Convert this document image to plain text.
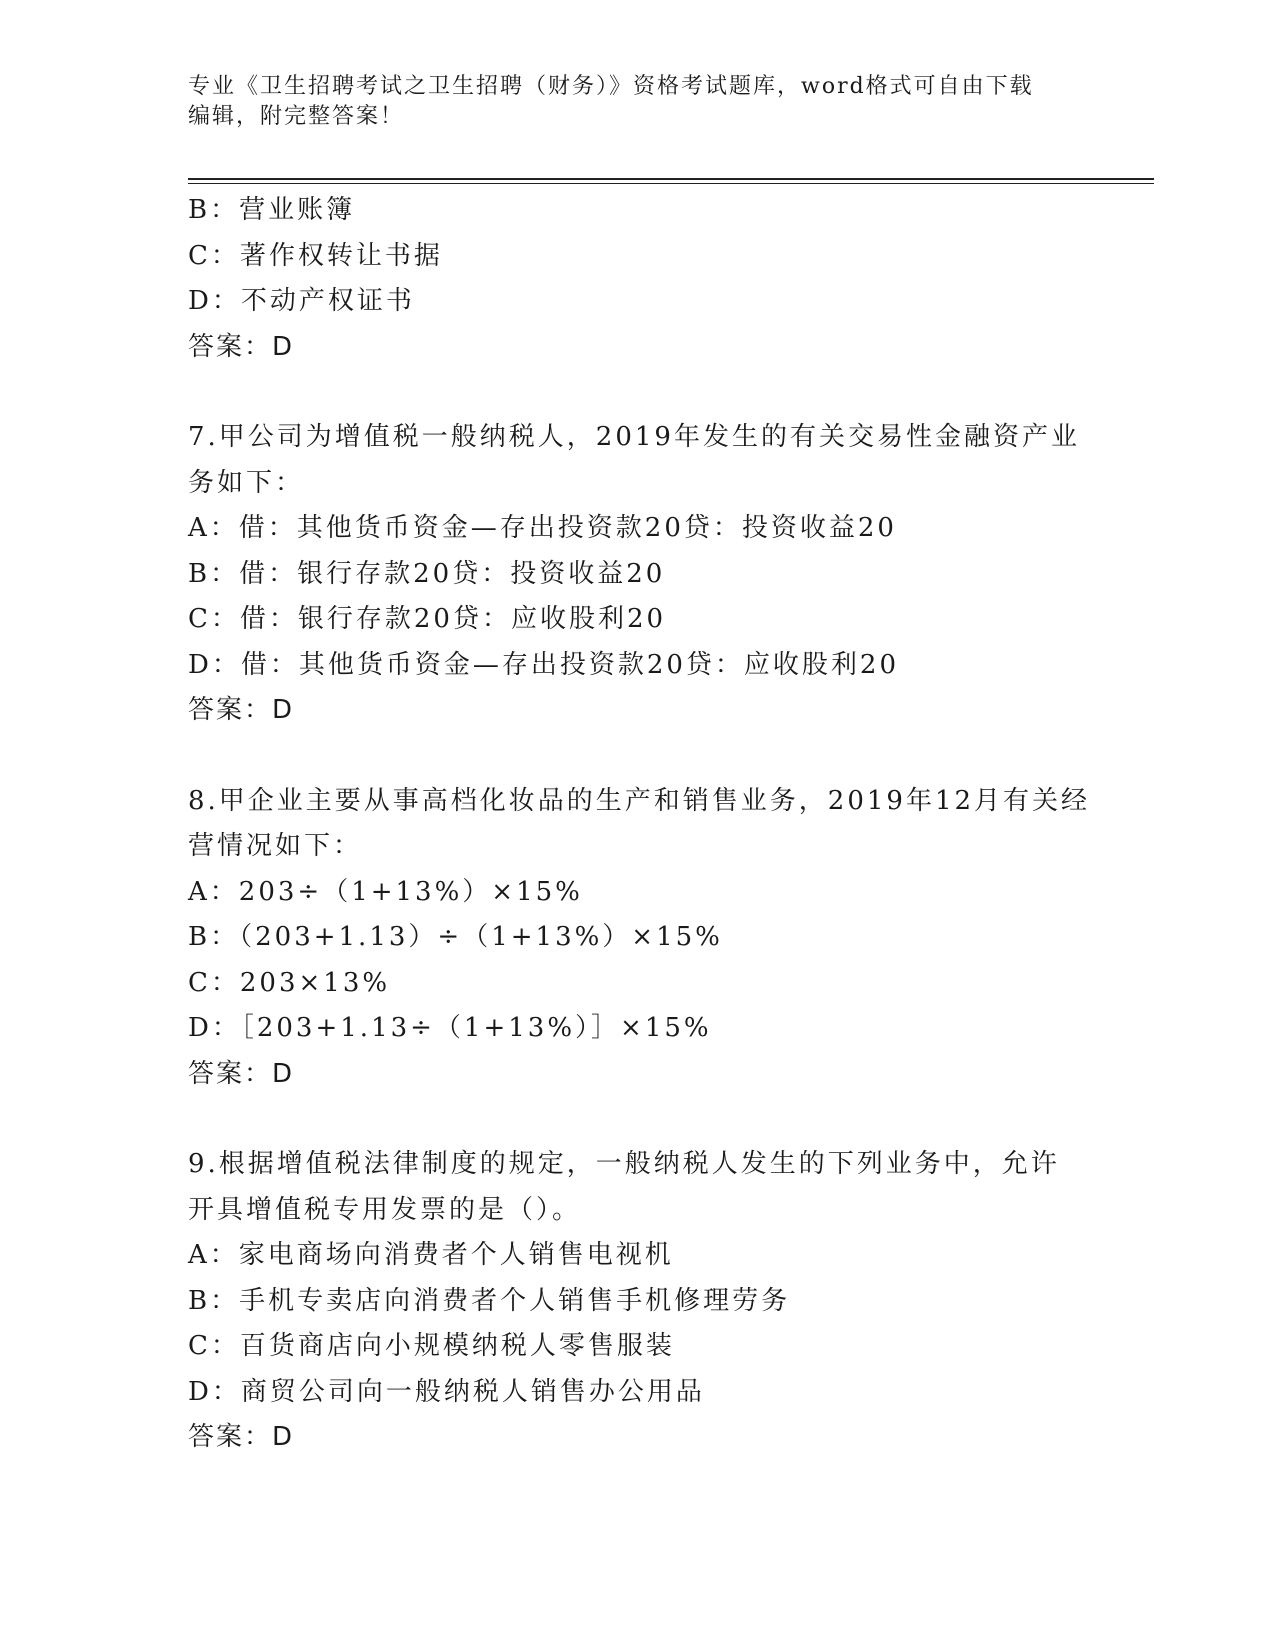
专业《卫生招聘考试之卫生招聘（财务）》资格考试题库，word格式可自由下载
编辑，附完整答案！
B：营业账簿
C：著作权转让书据
D：不动产权证书
答案：D
7.甲公司为增值税一般纳税人，2019年发生的有关交易性金融资产业
务如下：
A：借：其他货币资金—存出投资款20贷：投资收益20
B：借：银行存款20贷：投资收益20
C：借：银行存款20贷：应收股利20
D：借：其他货币资金—存出投资款20贷：应收股利20
答案：D
8.甲企业主要从事高档化妆品的生产和销售业务，2019年12月有关经
营情况如下：
A：203÷（1+13%）×15%
B：（203+1.13）÷（1+13%）×15%
C：203×13%
D：［203+1.13÷（1+13%）］×15%
答案：D
9.根据增值税法律制度的规定，一般纳税人发生的下列业务中，允许
开具增值税专用发票的是（）。
A：家电商场向消费者个人销售电视机
B：手机专卖店向消费者个人销售手机修理劳务
C：百货商店向小规模纳税人零售服装
D：商贸公司向一般纳税人销售办公用品
答案：D
